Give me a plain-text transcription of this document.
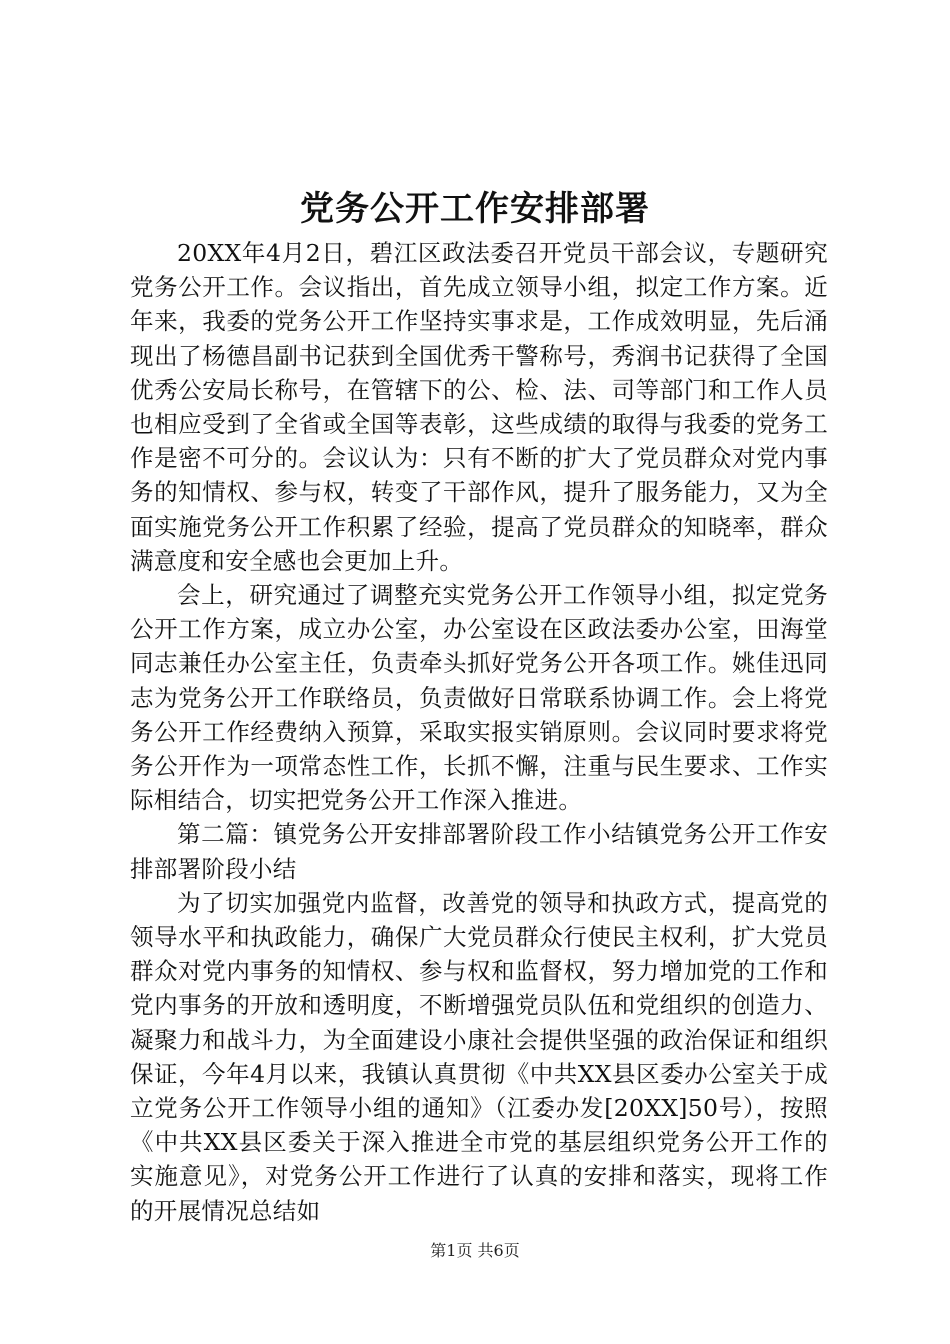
党务公开工作安排部署

20XX年4月2日，碧江区政法委召开党员干部会议，专题研究党务公开工作。会议指出，首先成立领导小组，拟定工作方案。近年来，我委的党务公开工作坚持实事求是，工作成效明显，先后涌现出了杨德昌副书记获到全国优秀干警称号，秀润书记获得了全国优秀公安局长称号，在管辖下的公、检、法、司等部门和工作人员也相应受到了全省或全国等表彰，这些成绩的取得与我委的党务工作是密不可分的。会议认为：只有不断的扩大了党员群众对党内事务的知情权、参与权，转变了干部作风，提升了服务能力，又为全面实施党务公开工作积累了经验，提高了党员群众的知晓率，群众满意度和安全感也会更加上升。

会上，研究通过了调整充实党务公开工作领导小组，拟定党务公开工作方案，成立办公室，办公室设在区政法委办公室，田海堂同志兼任办公室主任，负责牵头抓好党务公开各项工作。姚佳迅同志为党务公开工作联络员，负责做好日常联系协调工作。会上将党务公开工作经费纳入预算，采取实报实销原则。会议同时要求将党务公开作为一项常态性工作，长抓不懈，注重与民生要求、工作实际相结合，切实把党务公开工作深入推进。

第二篇：镇党务公开安排部署阶段工作小结镇党务公开工作安排部署阶段小结

为了切实加强党内监督，改善党的领导和执政方式，提高党的领导水平和执政能力，确保广大党员群众行使民主权利，扩大党员群众对党内事务的知情权、参与权和监督权，努力增加党的工作和党内事务的开放和透明度，不断增强党员队伍和党组织的创造力、凝聚力和战斗力，为全面建设小康社会提供坚强的政治保证和组织保证，今年4月以来，我镇认真贯彻《中共XX县区委办公室关于成立党务公开工作领导小组的通知》（江委办发[20XX]50号），按照《中共XX县区委关于深入推进全市党的基层组织党务公开工作的实施意见》，对党务公开工作进行了认真的安排和落实，现将工作的开展情况总结如

第1页 共6页
